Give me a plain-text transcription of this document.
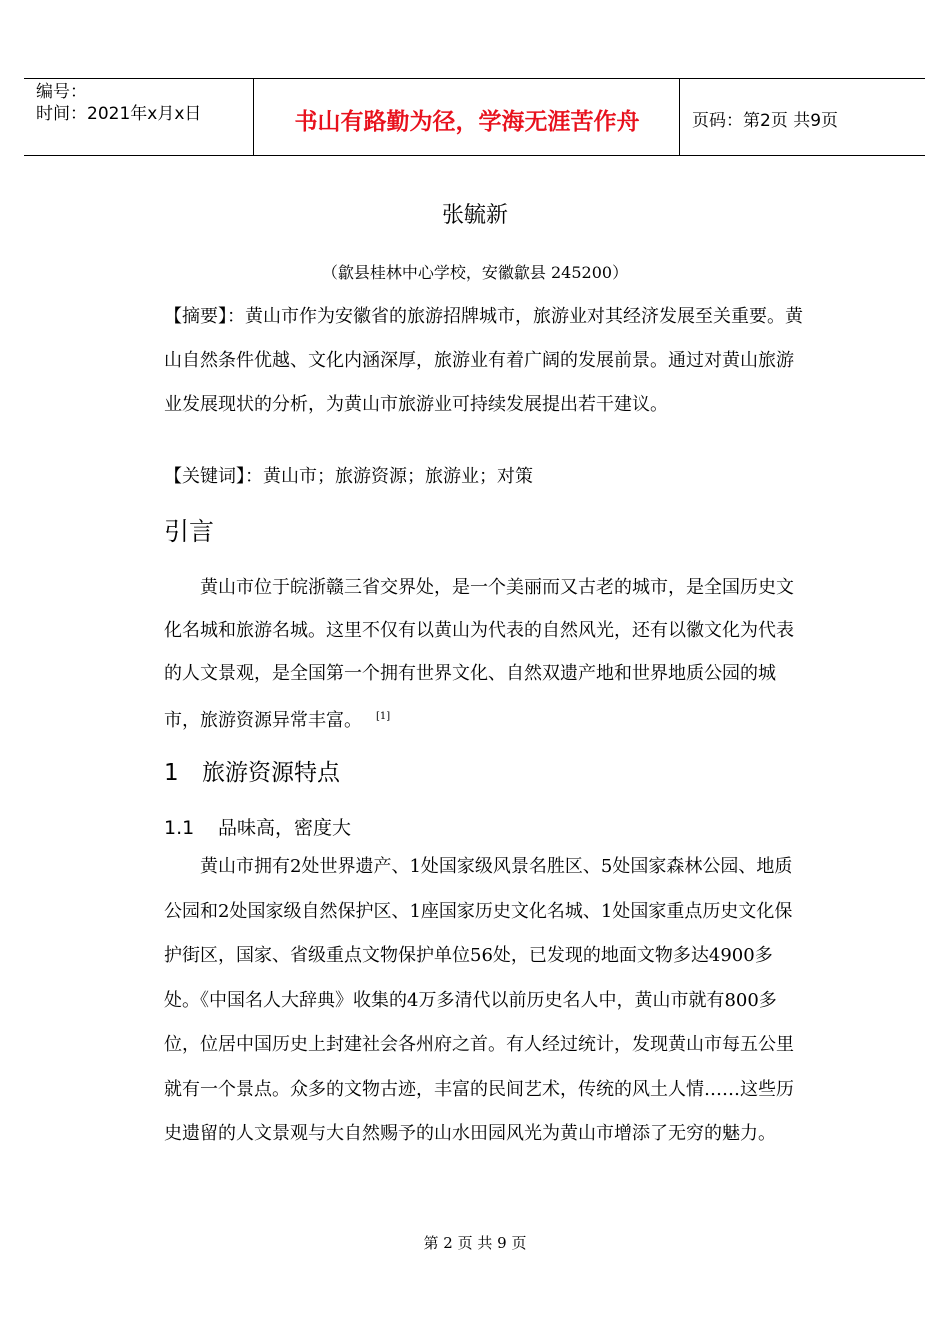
编号：
时间：2021年x月x日	书山有路勤为径，学海无涯苦作舟	页码：第2页 共9页
张毓新
（歙县桂林中心学校，安徽歙县 245200）
【摘要】：黄山市作为安徽省的旅游招牌城市，旅游业对其经济发展至关重要。黄山自然条件优越、文化内涵深厚，旅游业有着广阔的发展前景。通过对黄山旅游业发展现状的分析，为黄山市旅游业可持续发展提出若干建议。
【关键词】：黄山市；旅游资源；旅游业；对策
引言
黄山市位于皖浙赣三省交界处，是一个美丽而又古老的城市，是全国历史文化名城和旅游名城。这里不仅有以黄山为代表的自然风光，还有以徽文化为代表的人文景观，是全国第一个拥有世界文化、自然双遗产地和世界地质公园的城市，旅游资源异常丰富。 [1]
1 旅游资源特点
1.1 品味高，密度大
黄山市拥有2处世界遗产、1处国家级风景名胜区、5处国家森林公园、地质公园和2处国家级自然保护区、1座国家历史文化名城、1处国家重点历史文化保护街区，国家、省级重点文物保护单位56处，已发现的地面文物多达4900多处。《中国名人大辞典》收集的4万多清代以前历史名人中，黄山市就有800多位，位居中国历史上封建社会各州府之首。有人经过统计，发现黄山市每五公里就有一个景点。众多的文物古迹，丰富的民间艺术，传统的风土人情……这些历史遗留的人文景观与大自然赐予的山水田园风光为黄山市增添了无穷的魅力。
第 2 页 共 9 页
